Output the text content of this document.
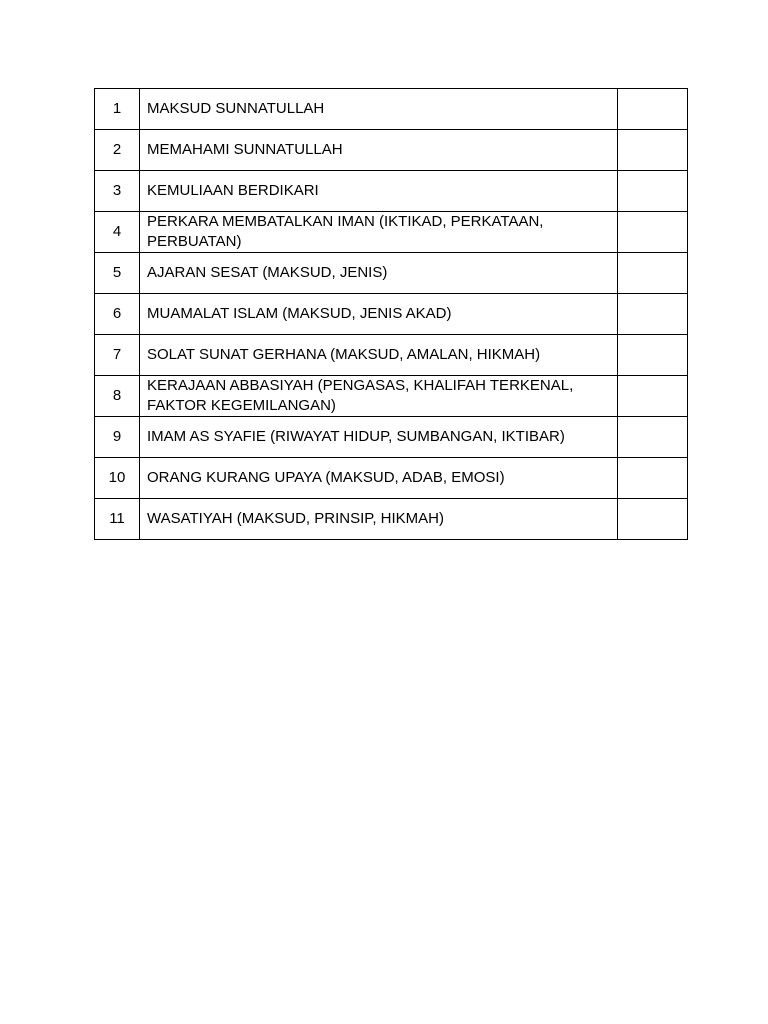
1	MAKSUD SUNNATULLAH	
2	MEMAHAMI SUNNATULLAH	
3	KEMULIAAN BERDIKARI	
4	PERKARA MEMBATALKAN IMAN (IKTIKAD, PERKATAAN, PERBUATAN)	
5	AJARAN SESAT (MAKSUD, JENIS)	
6	MUAMALAT ISLAM (MAKSUD, JENIS AKAD)	
7	SOLAT SUNAT GERHANA (MAKSUD, AMALAN, HIKMAH)	
8	KERAJAAN ABBASIYAH (PENGASAS, KHALIFAH TERKENAL, FAKTOR KEGEMILANGAN)	
9	IMAM AS SYAFIE (RIWAYAT HIDUP, SUMBANGAN, IKTIBAR)	
10	ORANG KURANG UPAYA (MAKSUD, ADAB, EMOSI)	
11	WASATIYAH (MAKSUD, PRINSIP, HIKMAH)	
